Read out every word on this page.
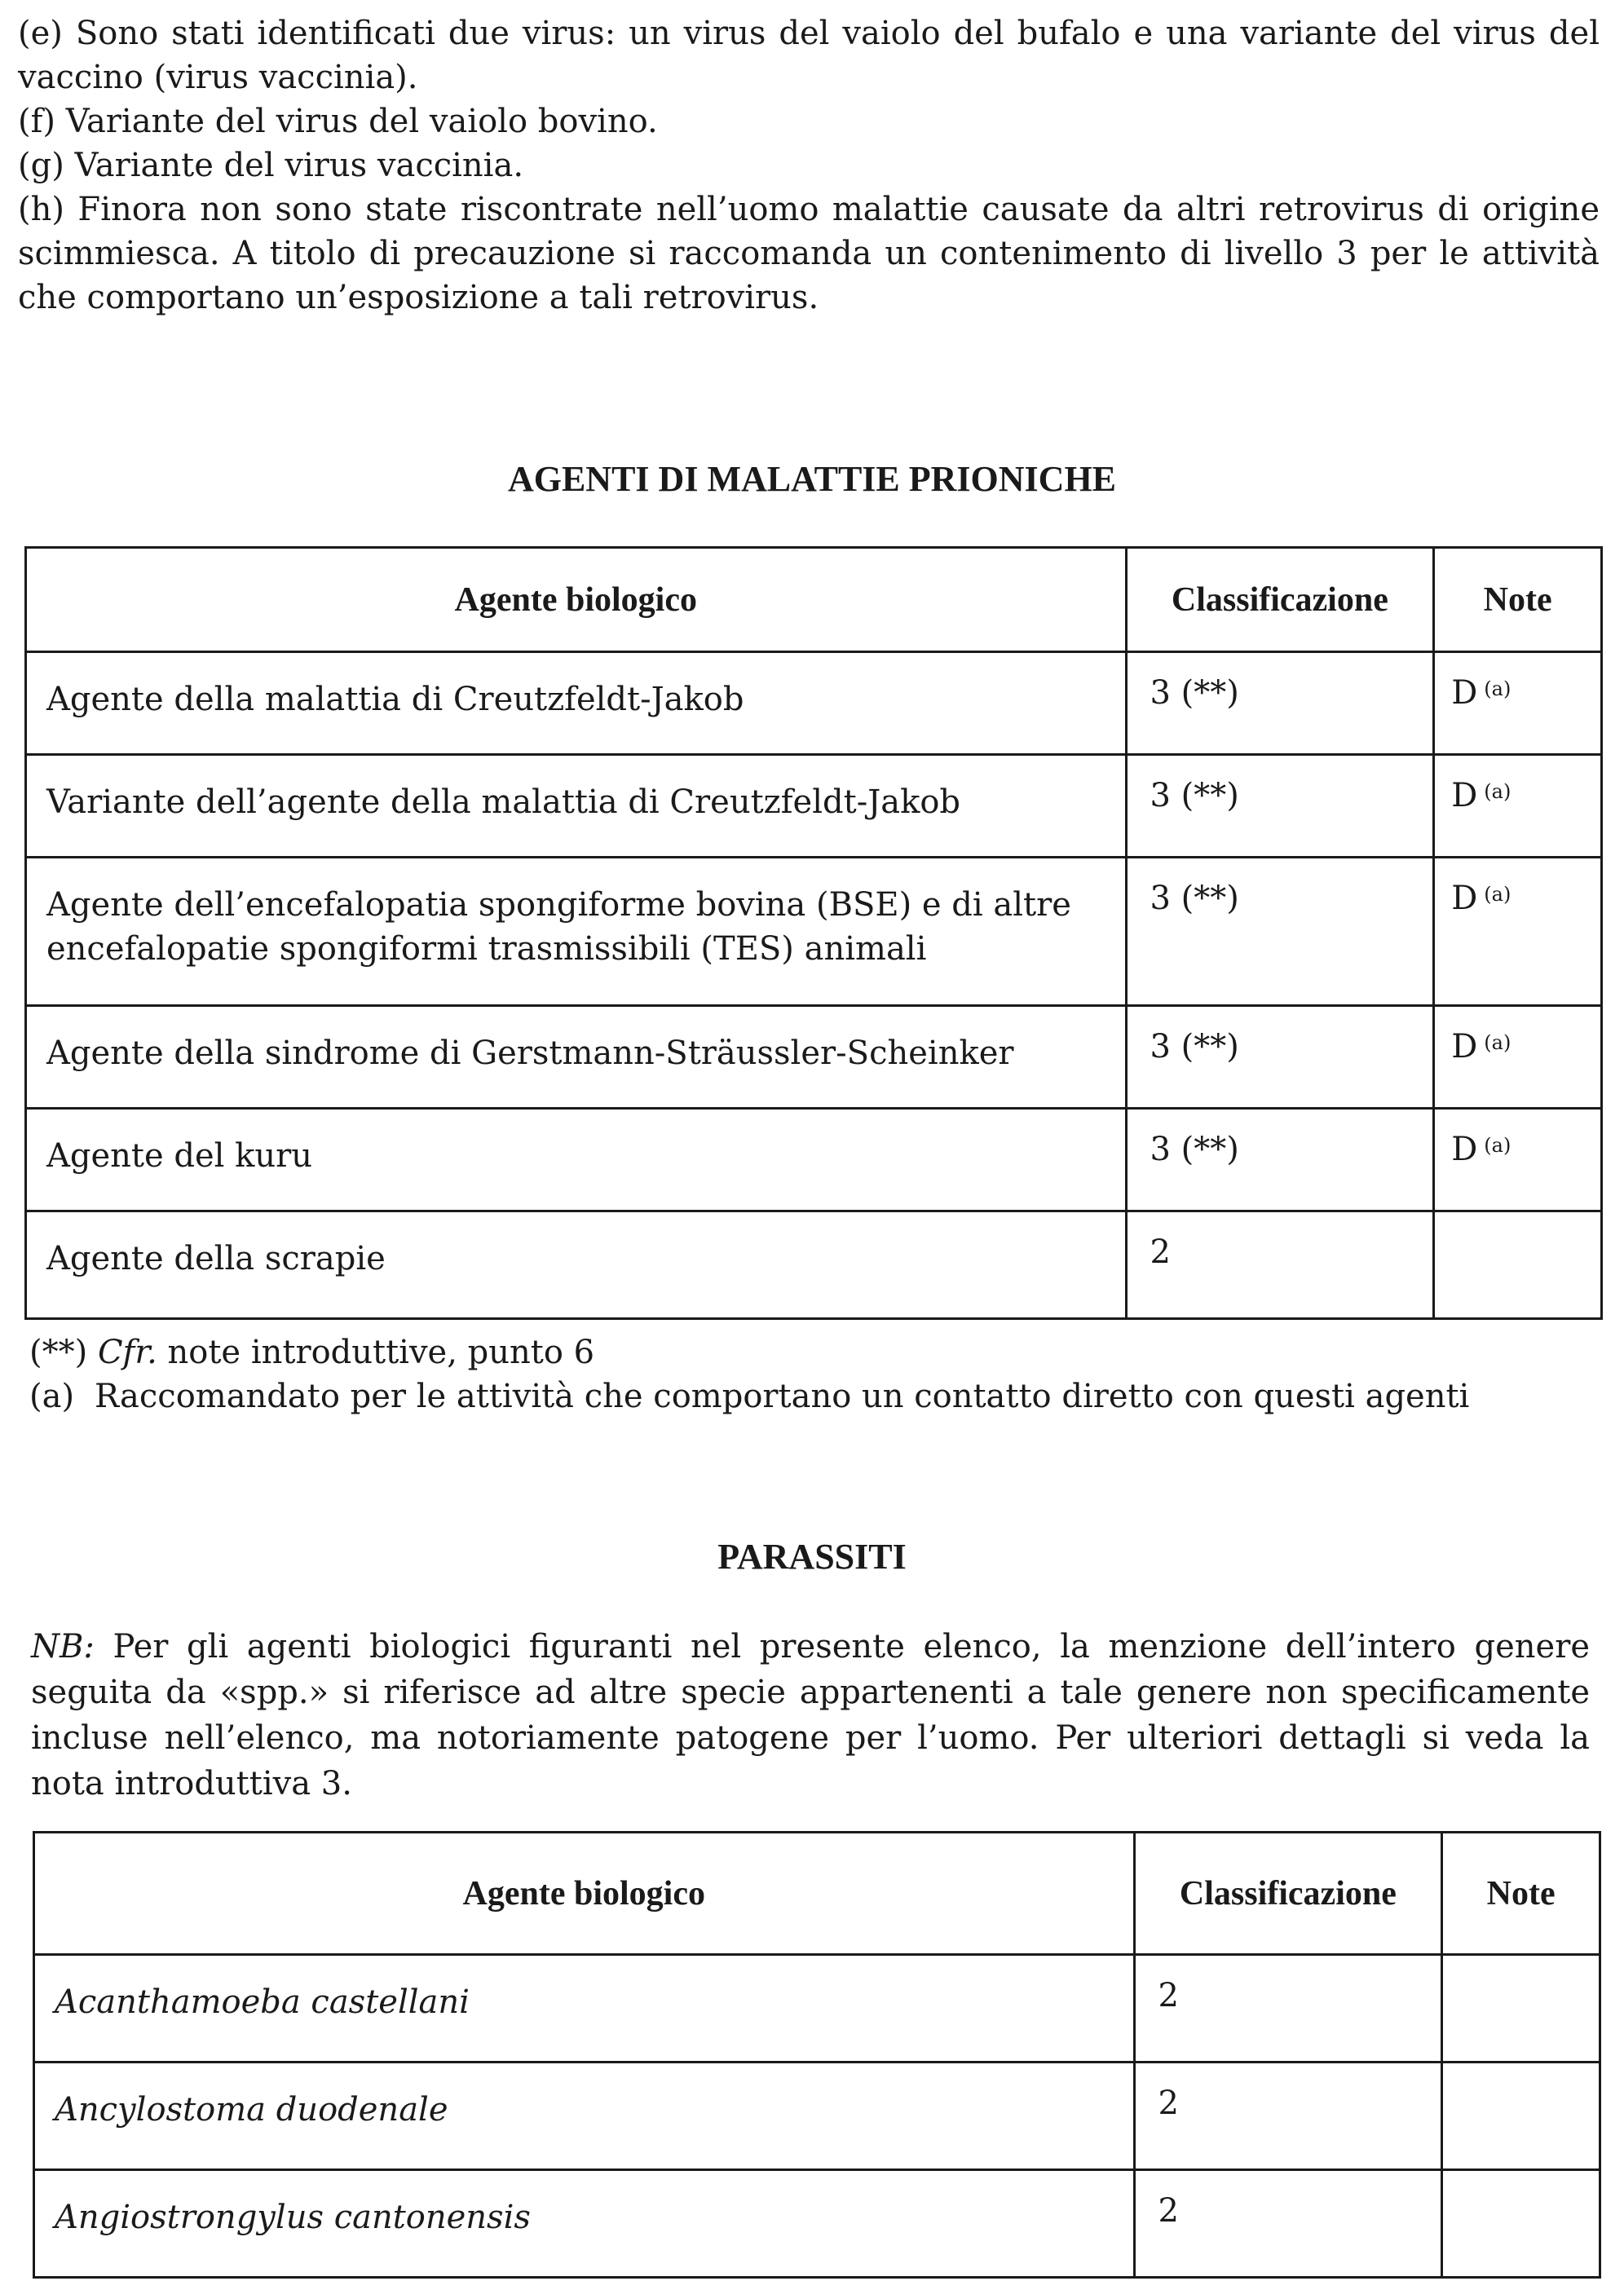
(e) Sono stati identificati due virus: un virus del vaiolo del bufalo e una variante del virus del vaccino (virus vaccinia).

(f) Variante del virus del vaiolo bovino.

(g) Variante del virus vaccinia.

(h) Finora non sono state riscontrate nell’uomo malattie causate da altri retrovirus di origine scimmiesca. A titolo di precauzione si raccomanda un contenimento di livello 3 per le attività che comportano un’esposizione a tali retrovirus.

AGENTI DI MALATTIE PRIONICHE
Agente biologico	Classificazione	Note
Agente della malattia di Creutzfeldt-Jakob	3 (**)	D $^{(a)}$
Variante dell’agente della malattia di Creutzfeldt-Jakob	3 (**)	D $^{(a)}$
Agente dell’encefalopatia spongiforme bovina (BSE) e di altre encefalopatie spongiformi trasmissibili (TES) animali	3 (**)	D $^{(a)}$
Agente della sindrome di Gerstmann-Sträussler-Scheinker	3 (**)	D $^{(a)}$
Agente del kuru	3 (**)	D $^{(a)}$
Agente della scrapie	2	

(**) Cfr. note introduttive, punto 6

(a) Raccomandato per le attività che comportano un contatto diretto con questi agenti

PARASSITI
NB: Per gli agenti biologici figuranti nel presente elenco, la menzione dell’intero genere seguita da «spp.» si riferisce ad altre specie appartenenti a tale genere non specificamente incluse nell’elenco, ma notoriamente patogene per l’uomo. Per ulteriori dettagli si veda la nota introduttiva 3.
Agente biologico	Classificazione	Note
Acanthamoeba castellani	2	
Ancylostoma duodenale	2	
Angiostrongylus cantonensis	2	
